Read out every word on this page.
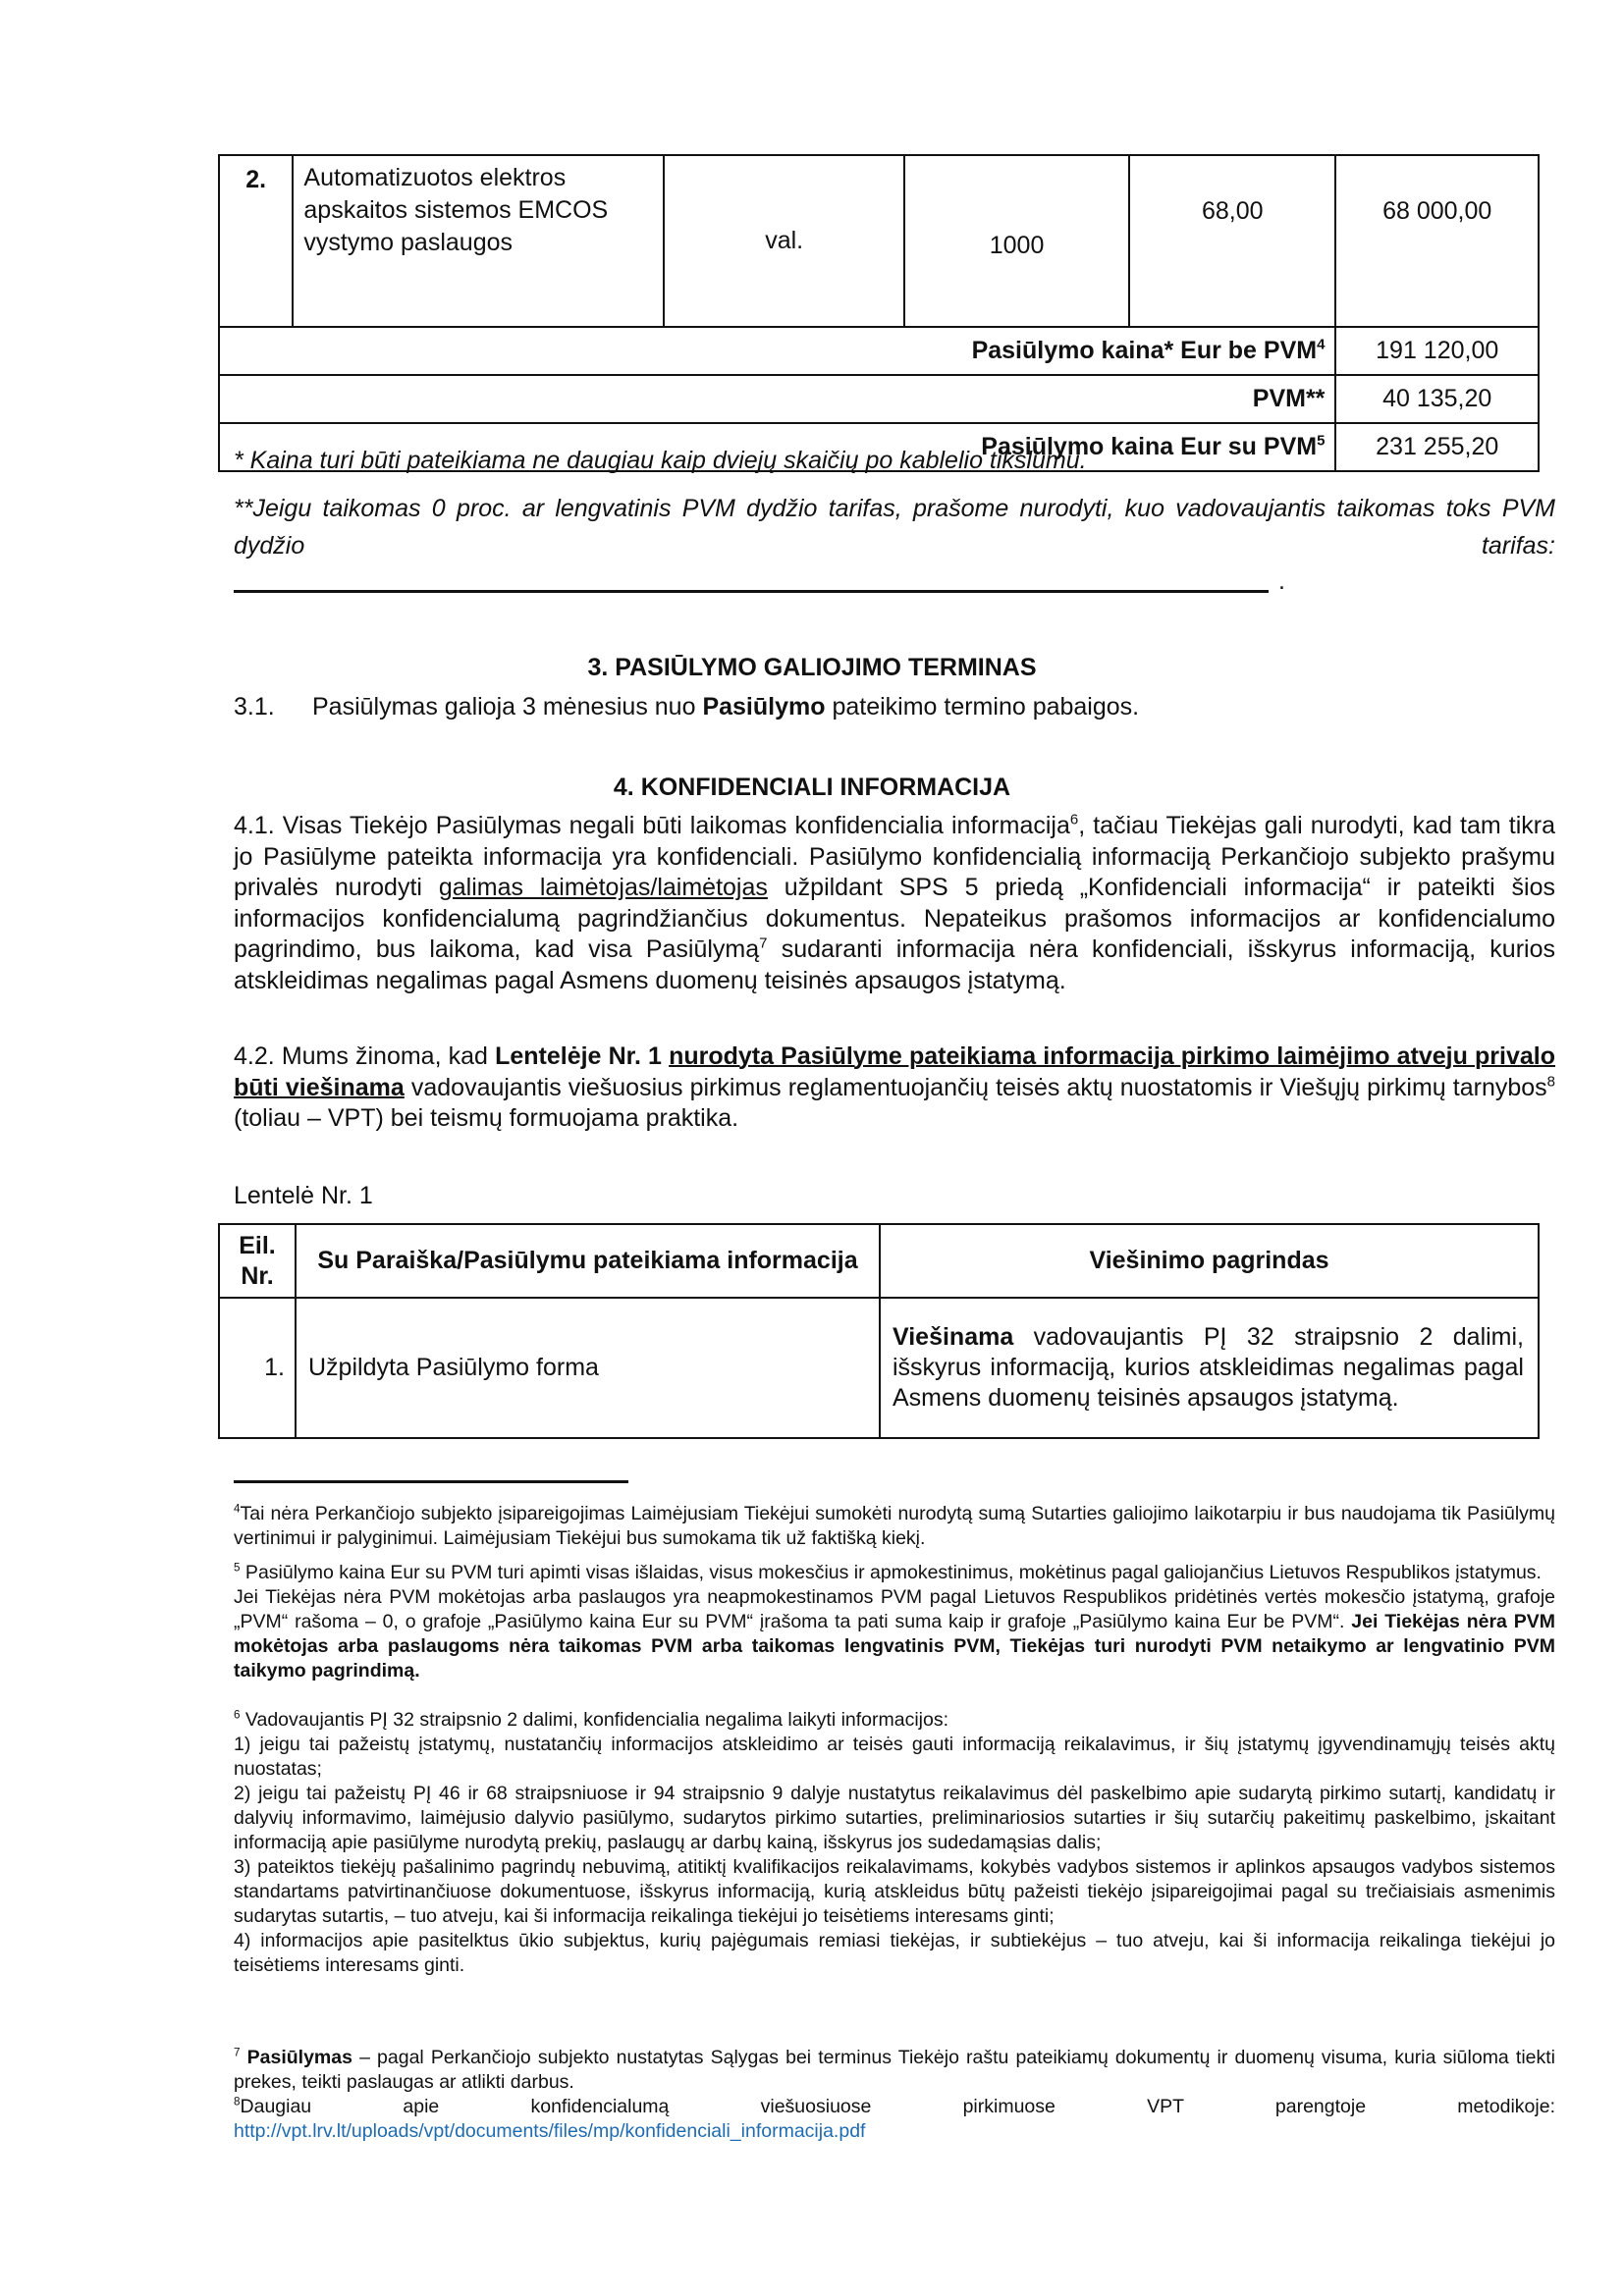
2.	Automatizuotos elektros apskaitos sistemos EMCOS vystymo paslaugos	val.	1000	68,00	68 000,00
Pasiūlymo kaina* Eur be PVM$^4$					191 120,00
PVM**					40 135,20
Pasiūlymo kaina Eur su PVM$^5$					231 255,20
* Kaina turi būti pateikiama ne daugiau kaip dviejų skaičių po kablelio tikslumu.
**Jeigu taikomas 0 proc. ar lengvatinis PVM dydžio tarifas, prašome nurodyti, kuo vadovaujantis taikomas toks PVM dydžio tarifas:
.
3. PASIŪLYMO GALIOJIMO TERMINAS
3.1. Pasiūlymas galioja 3 mėnesius nuo Pasiūlymo pateikimo termino pabaigos.
4. KONFIDENCIALI INFORMACIJA
4.1. Visas Tiekėjo Pasiūlymas negali būti laikomas konfidencialia informacija$^6$, tačiau Tiekėjas gali nurodyti, kad tam tikra jo Pasiūlyme pateikta informacija yra konfidenciali. Pasiūlymo konfidencialią informaciją Perkančiojo subjekto prašymu privalės nurodyti galimas laimėtojas/laimėtojas užpildant SPS 5 priedą „Konfidenciali informacija“ ir pateikti šios informacijos konfidencialumą pagrindžiančius dokumentus. Nepateikus prašomos informacijos ar konfidencialumo pagrindimo, bus laikoma, kad visa Pasiūlymą$^7$ sudaranti informacija nėra konfidenciali, išskyrus informaciją, kurios atskleidimas negalimas pagal Asmens duomenų teisinės apsaugos įstatymą.
4.2. Mums žinoma, kad Lentelėje Nr. 1 nurodyta Pasiūlyme pateikiama informacija pirkimo laimėjimo atveju privalo būti viešinama vadovaujantis viešuosius pirkimus reglamentuojančių teisės aktų nuostatomis ir Viešųjų pirkimų tarnybos$^8$ (toliau – VPT) bei teismų formuojama praktika.
Lentelė Nr. 1
Eil. Nr.	Su Paraiška/Pasiūlymu pateikiama informacija	Viešinimo pagrindas
1.	Užpildyta Pasiūlymo forma	Viešinama vadovaujantis PĮ 32 straipsnio 2 dalimi, išskyrus informaciją, kurios atskleidimas negalimas pagal Asmens duomenų teisinės apsaugos įstatymą.
$^4$Tai nėra Perkančiojo subjekto įsipareigojimas Laimėjusiam Tiekėjui sumokėti nurodytą sumą Sutarties galiojimo laikotarpiu ir bus naudojama tik Pasiūlymų vertinimui ir palyginimui. Laimėjusiam Tiekėjui bus sumokama tik už faktišką kiekį.
$^5$ Pasiūlymo kaina Eur su PVM turi apimti visas išlaidas, visus mokesčius ir apmokestinimus, mokėtinus pagal galiojančius Lietuvos Respublikos įstatymus.
Jei Tiekėjas nėra PVM mokėtojas arba paslaugos yra neapmokestinamos PVM pagal Lietuvos Respublikos pridėtinės vertės mokesčio įstatymą, grafoje „PVM“ rašoma – 0, o grafoje „Pasiūlymo kaina Eur su PVM“ įrašoma ta pati suma kaip ir grafoje „Pasiūlymo kaina Eur be PVM“. Jei Tiekėjas nėra PVM mokėtojas arba paslaugoms nėra taikomas PVM arba taikomas lengvatinis PVM, Tiekėjas turi nurodyti PVM netaikymo ar lengvatinio PVM taikymo pagrindimą.
$^6$ Vadovaujantis PĮ 32 straipsnio 2 dalimi, konfidencialia negalima laikyti informacijos:
1) jeigu tai pažeistų įstatymų, nustatančių informacijos atskleidimo ar teisės gauti informaciją reikalavimus, ir šių įstatymų įgyvendinamųjų teisės aktų nuostatas;
2) jeigu tai pažeistų PĮ 46 ir 68 straipsniuose ir 94 straipsnio 9 dalyje nustatytus reikalavimus dėl paskelbimo apie sudarytą pirkimo sutartį, kandidatų ir dalyvių informavimo, laimėjusio dalyvio pasiūlymo, sudarytos pirkimo sutarties, preliminariosios sutarties ir šių sutarčių pakeitimų paskelbimo, įskaitant informaciją apie pasiūlyme nurodytą prekių, paslaugų ar darbų kainą, išskyrus jos sudedamąsias dalis;
3) pateiktos tiekėjų pašalinimo pagrindų nebuvimą, atitiktį kvalifikacijos reikalavimams, kokybės vadybos sistemos ir aplinkos apsaugos vadybos sistemos standartams patvirtinančiuose dokumentuose, išskyrus informaciją, kurią atskleidus būtų pažeisti tiekėjo įsipareigojimai pagal su trečiaisiais asmenimis sudarytas sutartis, – tuo atveju, kai ši informacija reikalinga tiekėjui jo teisėtiems interesams ginti;
4) informacijos apie pasitelktus ūkio subjektus, kurių pajėgumais remiasi tiekėjas, ir subtiekėjus – tuo atveju, kai ši informacija reikalinga tiekėjui jo teisėtiems interesams ginti.
$^7$ Pasiūlymas – pagal Perkančiojo subjekto nustatytas Sąlygas bei terminus Tiekėjo raštu pateikiamų dokumentų ir duomenų visuma, kuria siūloma tiekti prekes, teikti paslaugas ar atlikti darbus.
$^8$Daugiau apie konfidencialumą viešuosiuose pirkimuose VPT parengtoje metodikoje:
http://vpt.lrv.lt/uploads/vpt/documents/files/mp/konfidenciali_informacija.pdf
